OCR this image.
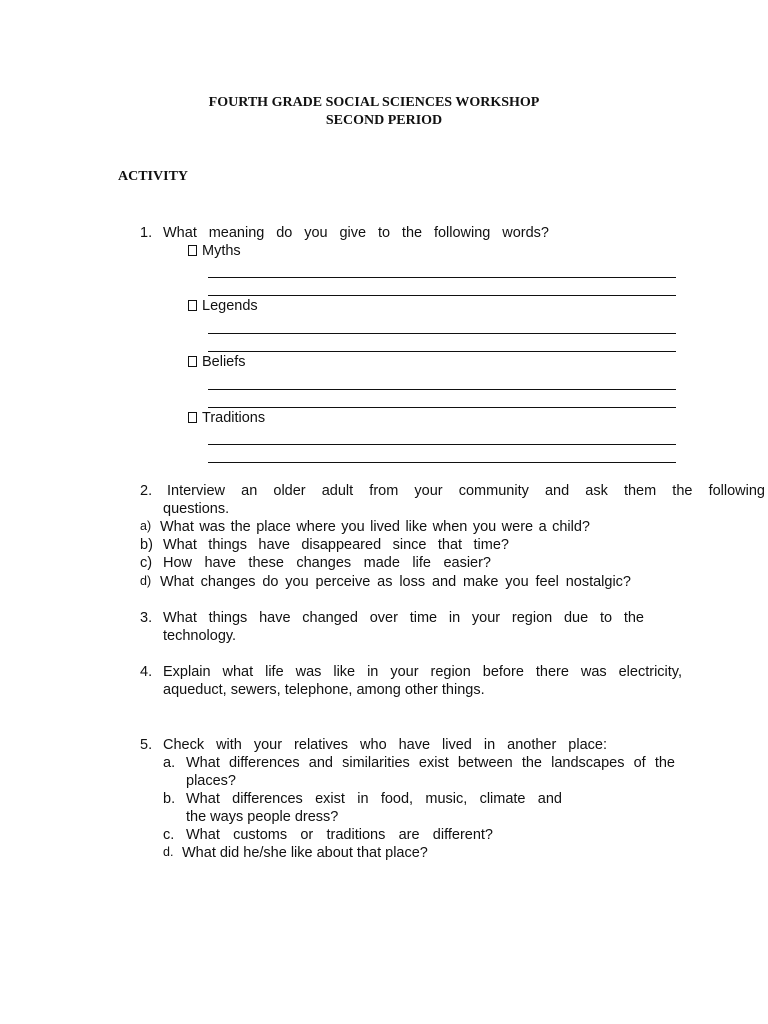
FOURTH GRADE SOCIAL SCIENCES WORKSHOP
SECOND PERIOD
ACTIVITY
1. What meaning do you give to the following words?
Myths
Legends
Beliefs
Traditions
2. Interview an older adult from your community and ask them the following
questions.
a) What was the place where you lived like when you were a child?
b) What things have disappeared since that time?
c) How have these changes made life easier?
d) What changes do you perceive as loss and make you feel nostalgic?
3. What things have changed over time in your region due to the
technology.
4. Explain what life was like in your region before there was electricity,
aqueduct, sewers, telephone, among other things.
5. Check with your relatives who have lived in another place:
a. What differences and similarities exist between the landscapes of the
places?
b. What differences exist in food, music, climate and
the ways people dress?
c. What customs or traditions are different?
d. What did he/she like about that place?
